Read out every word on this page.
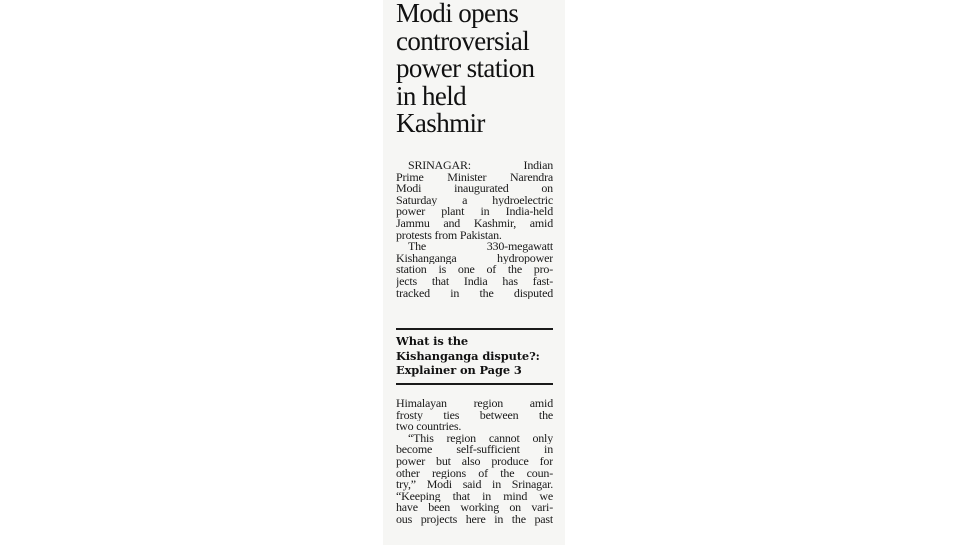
Modi opens
controversial
power station
in held
Kashmir
SRINAGAR: Indian
Prime Minister Narendra
Modi inaugurated on
Saturday a hydroelectric
power plant in India-held
Jammu and Kashmir, amid
protests from Pakistan.
The 330-megawatt
Kishanganga hydropower
station is one of the pro-
jects that India has fast-
tracked in the disputed
What is the
Kishanganga dispute?:
Explainer on Page 3
Himalayan region amid
frosty ties between the
two countries.
“This region cannot only
become self-sufficient in
power but also produce for
other regions of the coun-
try,” Modi said in Srinagar.
“Keeping that in mind we
have been working on vari-
ous projects here in the past
